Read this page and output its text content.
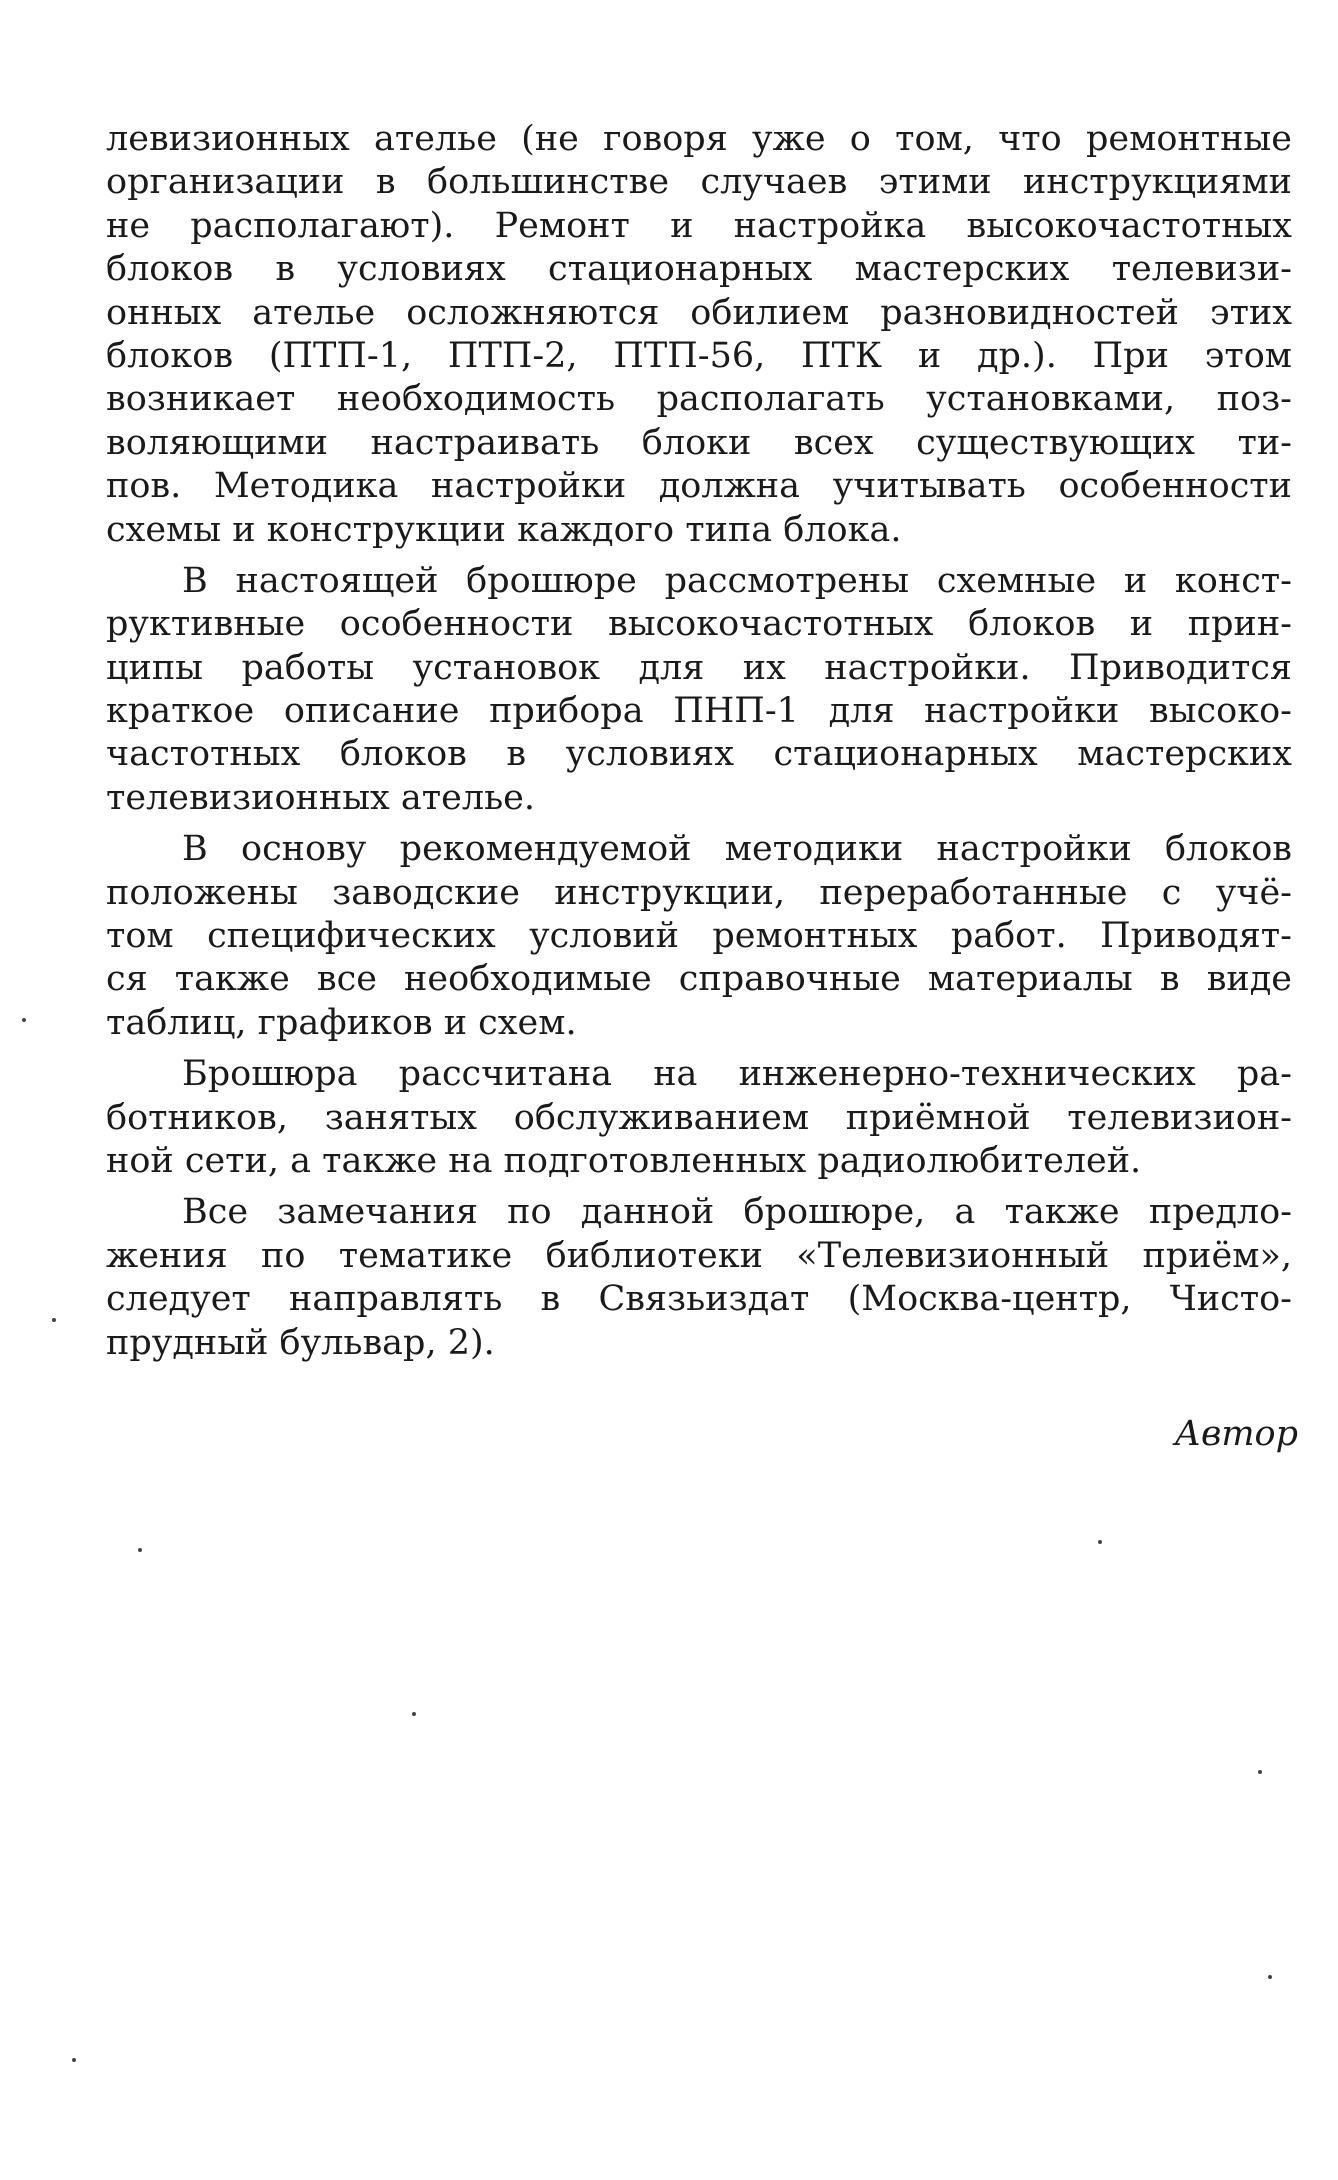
левизионных ателье (не говоря уже о том, что ремонтные
организации в большинстве случаев этими инструкциями
не располагают). Ремонт и настройка высокочастотных
блоков в условиях стационарных мастерских телевизи-
онных ателье осложняются обилием разновидностей этих
блоков (ПТП-1, ПТП-2, ПТП-56, ПТК и др.). При этом
возникает необходимость располагать установками, поз-
воляющими настраивать блоки всех существующих ти-
пов. Методика настройки должна учитывать особенности
схемы и конструкции каждого типа блока.
В настоящей брошюре рассмотрены схемные и конст-
руктивные особенности высокочастотных блоков и прин-
ципы работы установок для их настройки. Приводится
краткое описание прибора ПНП-1 для настройки высоко-
частотных блоков в условиях стационарных мастерских
телевизионных ателье.
В основу рекомендуемой методики настройки блоков
положены заводские инструкции, переработанные с учё-
том специфических условий ремонтных работ. Приводят-
ся также все необходимые справочные материалы в виде
таблиц, графиков и схем.
Брошюра рассчитана на инженерно-технических ра-
ботников, занятых обслуживанием приёмной телевизион-
ной сети, а также на подготовленных радиолюбителей.
Все замечания по данной брошюре, а также предло-
жения по тематике библиотеки «Телевизионный приём»,
следует направлять в Связьиздат (Москва-центр, Чисто-
прудный бульвар, 2).
Автор
